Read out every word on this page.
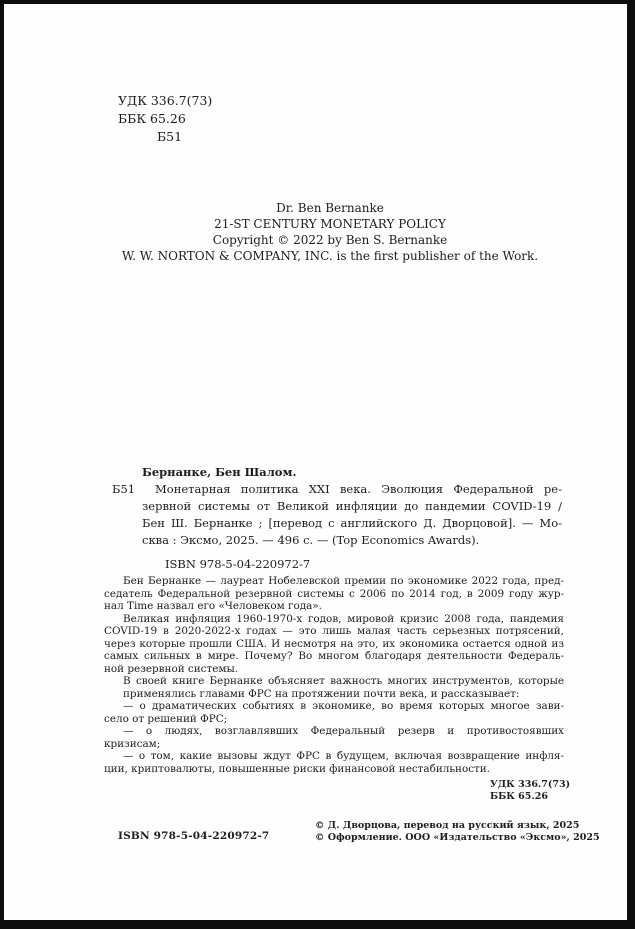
УДК 336.7(73)
ББК 65.26
Б51
Dr. Ben Bernanke
21-ST CENTURY MONETARY POLICY
Copyright © 2022 by Ben S. Bernanke
W. W. NORTON & COMPANY, INC. is the first publisher of the Work.
Б51
Бернанке, Бен Шалом.
Монетарная политика XXI века. Эволюция Федеральной ре-
зервной системы от Великой инфляции до пандемии COVID-19 /
Бен Ш. Бернанке ; [перевод с английского Д. Дворцовой]. — Мо-
сква : Эксмо, 2025. — 496 с. — (Top Economics Awards).
ISBN 978-5-04-220972-7
Бен Бернанке — лауреат Нобелевской премии по экономике 2022 года, пред-
седатель Федеральной резервной системы с 2006 по 2014 год, в 2009 году жур-
нал Time назвал его «Человеком года».
Великая инфляция 1960-1970-х годов, мировой кризис 2008 года, пандемия
COVID-19 в 2020-2022-х годах — это лишь малая часть серьезных потрясений,
через которые прошли США. И несмотря на это, их экономика остается одной из
самых сильных в мире. Почему? Во многом благодаря деятельности Федераль-
ной резервной системы.
В своей книге Бернанке объясняет важность многих инструментов, которые
применялись главами ФРС на протяжении почти века, и рассказывает:
— о драматических событиях в экономике, во время которых многое зави-
село от решений ФРС;
— о людях, возглавлявших Федеральный резерв и противостоявших
кризисам;
— о том, какие вызовы ждут ФРС в будущем, включая возвращение инфля-
ции, криптовалюты, повышенные риски финансовой нестабильности.
УДК 336.7(73)
ББК 65.26
ISBN 978-5-04-220972-7
© Д. Дворцова, перевод на русский язык, 2025
© Оформление. ООО «Издательство «Эксмо», 2025
